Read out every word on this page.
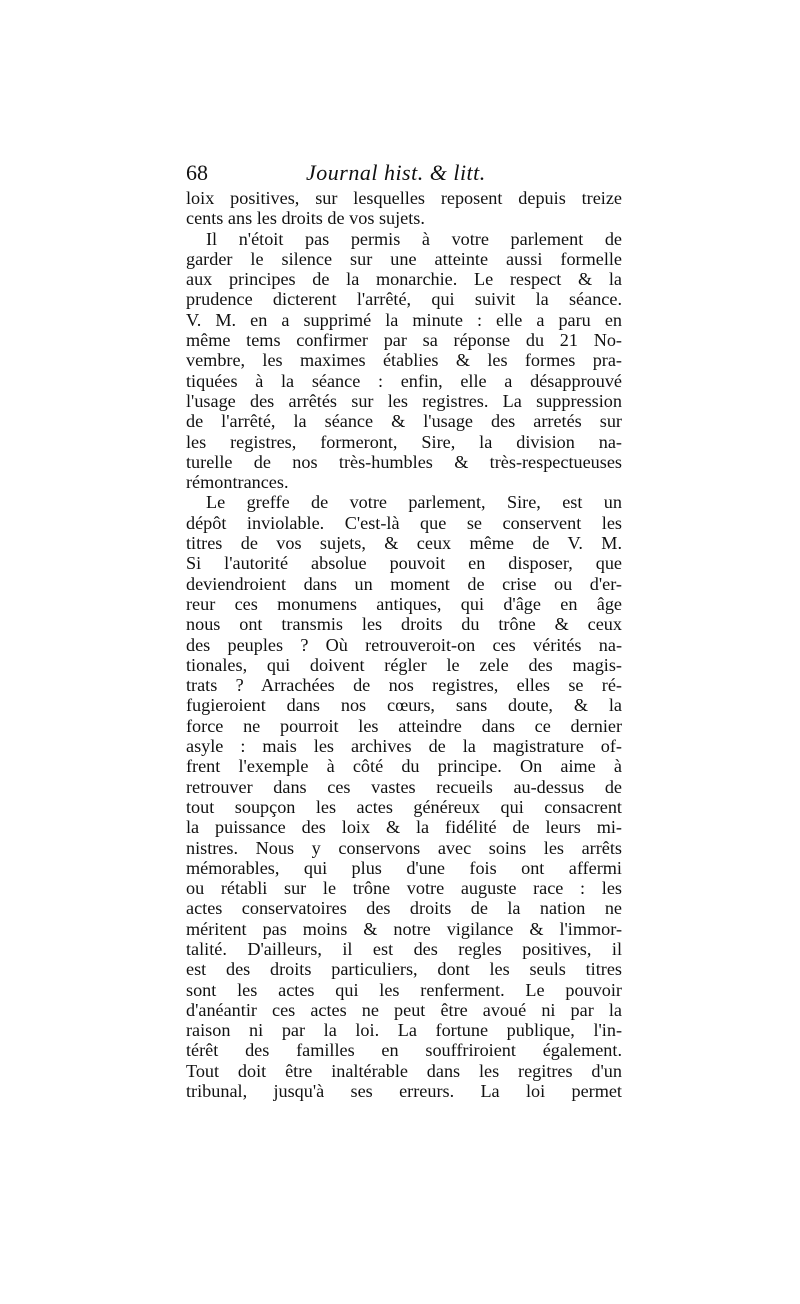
68	Journal hist. & litt.
loix positives, sur lesquelles reposent depuis treize
cents ans les droits de vos sujets.
Il n'étoit pas permis à votre parlement de
garder le silence sur une atteinte aussi formelle
aux principes de la monarchie. Le respect & la
prudence dicterent l'arrêté, qui suivit la séance.
V. M. en a supprimé la minute : elle a paru en
même tems confirmer par sa réponse du 21 No-
vembre, les maximes établies & les formes pra-
tiquées à la séance : enfin, elle a désapprouvé
l'usage des arrêtés sur les registres. La suppression
de l'arrêté, la séance & l'usage des arretés sur
les registres, formeront, Sire, la division na-
turelle de nos très-humbles & très-respectueuses
rémontrances.
Le greffe de votre parlement, Sire, est un
dépôt inviolable. C'est-là que se conservent les
titres de vos sujets, & ceux même de V. M.
Si l'autorité absolue pouvoit en disposer, que
deviendroient dans un moment de crise ou d'er-
reur ces monumens antiques, qui d'âge en âge
nous ont transmis les droits du trône & ceux
des peuples ? Où retrouveroit-on ces vérités na-
tionales, qui doivent régler le zele des magis-
trats ? Arrachées de nos registres, elles se ré-
fugieroient dans nos cœurs, sans doute, & la
force ne pourroit les atteindre dans ce dernier
asyle : mais les archives de la magistrature of-
frent l'exemple à côté du principe. On aime à
retrouver dans ces vastes recueils au-dessus de
tout soupçon les actes généreux qui consacrent
la puissance des loix & la fidélité de leurs mi-
nistres. Nous y conservons avec soins les arrêts
mémorables, qui plus d'une fois ont affermi
ou rétabli sur le trône votre auguste race : les
actes conservatoires des droits de la nation ne
méritent pas moins & notre vigilance & l'immor-
talité. D'ailleurs, il est des regles positives, il
est des droits particuliers, dont les seuls titres
sont les actes qui les renferment. Le pouvoir
d'anéantir ces actes ne peut être avoué ni par la
raison ni par la loi. La fortune publique, l'in-
térêt des familles en souffriroient également.
Tout doit être inaltérable dans les regitres d'un
tribunal, jusqu'à ses erreurs. La loi permet
